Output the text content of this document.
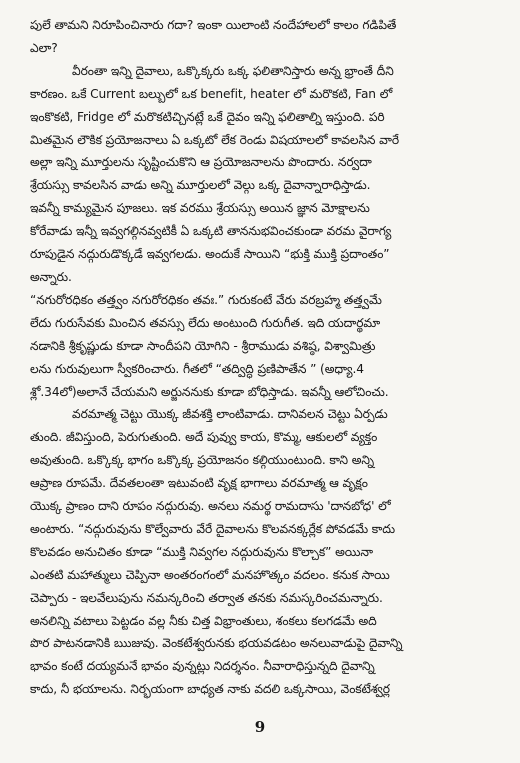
పులే తామని నిరూపించినారు గదా? ఇంకా యిలాంటి నందేహాలలో కాలం గడిపితే
ఎలా?

వీరంతా ఇన్ని దైవాలు, ఒక్కొక్కరు ఒక్క ఫలితానిస్తారు అన్న భ్రాంతే దీని
కారణం. ఒకే Current బల్బులో ఒక benefit, heater లో మరొకటి, Fan లో
ఇంకొకటి, Fridge లో మరొకటిచ్చినట్లే ఒకే దైవం ఇన్ని ఫలితాల్ని ఇస్తుంది. పరి
మితమైన లౌకిక ప్రయోజనాలు ఏ ఒక్కటో లేక రెండు విషయాలలో కావలసిన వారే
అల్లా ఇన్ని మూర్తులను సృష్టించుకొని ఆ ప్రయోజనాలను పొందారు. నర్వదా
శ్రేయస్సు కావలసిన వాడు అన్ని మూర్తులలో వెల్గు ఒక్క దైవాన్నారాధిస్తాడు.
ఇవన్నీ కామ్యమైన పూజలు. ఇక వరము శ్రేయస్సు అయిన జ్ఞాన మోక్షాలను
కోరేవాడు ఇన్నీ ఇవ్వగల్గినవ్వటికీ ఏ ఒక్కటి తాననుభవించకుండా వరమ వైరాగ్య
రూపుడైన నద్గురుడొక్కడే ఇవ్వగలడు. అందుకే సాయిని “భుక్తి ముక్తి ప్రదాంతం”
అన్నారు.

“నగురోరధికం తత్త్వం నగురోరధికం తవః.” గురుకంటే వేరు వరబ్రహ్మ తత్త్వమే
లేదు గురుసేవకు మించిన తవస్సు లేదు అంటుంది గురుగీత. ఇది యదార్థమా
నడానికి శ్రీకృష్ణుడు కూడా సాందీపని యోగిని - శ్రీరాముడు వశిష్ఠ, విశ్వామిత్రు
లను గురువులుగా స్వీకరించారు. గీతలో “తద్విద్ధి ప్రణిపాతేన ” (అధ్యా.4
శ్లో.34లో)అలానే చేయమని అర్జుననుకు కూడా బోధిస్తాడు. ఇవన్నీ ఆలోచించు.

వరమాత్మ చెట్టు యొక్క జీవశక్తి లాంటివాడు. దానివలన చెట్టు ఏర్పడు
తుంది. జీవిస్తుంది, పెరుగుతుంది. అదే పువ్వు కాయ, కొమ్మ, ఆకులలో వ్యక్తం
అవుతుంది. ఒక్కొక్క భాగం ఒక్కొక్క ప్రయోజనం కల్గియుంటుంది. కాని అన్ని
ఆప్రాణ రూపమే. దేవతలంతా ఇటువంటి వృక్ష భాగాలు వరమాత్మ ఆ వృక్షం
యొక్క ప్రాణం దాని రూపం నద్గురువు. అనలు నమర్థ రామదాసు 'దానబోధ' లో
అంటారు. “నద్గురువును కొల్వేవారు వేరే దైవాలను కొలవనక్కర్లేక పోవడమే కాదు
కొలవడం అనుచితం కూడా “ముక్తి నివ్వగల నద్గురువును కొల్చాక” అయినా
ఎంతటి మహాత్ములు చెప్పినా అంతరంగంలో మనహొత్కం వదలం. కనుక సాయి
చెప్పారు - ఇలవేలుపును నమన్కరించి తర్వాత తనకు నమస్కరించమన్నారు.
అనలిన్ని వటాలు పెట్టడం వల్ల నీకు చిత్త విభ్రాంతులు, శంకలు కలగడమే అది
పొర పాటనడానికి ఋజువు. వెంకటేశ్వరునకు భయవడటం అనలువాడుపై దైవాన్ని
భావం కంటే దయ్యమనే భావం వున్నట్లు నిదర్శనం. నీవారాధిస్తున్నది దైవాన్ని
కాదు, నీ భయాలను. నిర్భయంగా బాధ్యత నాకు వదలి ఒక్కసాయి, వెంకటేశ్వర్ల

9
